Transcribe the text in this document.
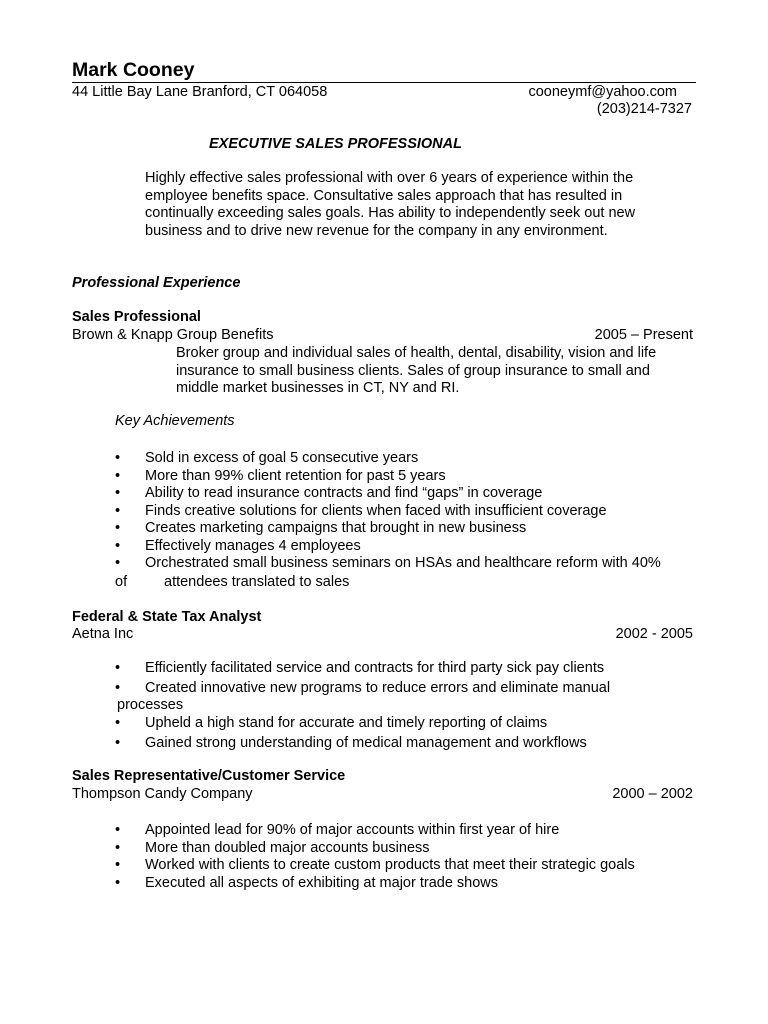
Mark Cooney
44 Little Bay Lane Branford, CT 064058	cooneymf@yahoo.com
(203)214-7327
EXECUTIVE SALES PROFESSIONAL
Highly effective sales professional with over 6 years of experience within the employee benefits space. Consultative sales approach that has resulted in continually exceeding sales goals. Has ability to independently seek out new business and to drive new revenue for the company in any environment.
Professional Experience
Sales Professional
Brown & Knapp Group Benefits	2005 – Present
Broker group and individual sales of health, dental, disability, vision and life insurance to small business clients. Sales of group insurance to small and middle market businesses in CT, NY and RI.
Key Achievements
• Sold in excess of goal 5 consecutive years
• More than 99% client retention for past 5 years
• Ability to read insurance contracts and find “gaps” in coverage
• Finds creative solutions for clients when faced with insufficient coverage
• Creates marketing campaigns that brought in new business
• Effectively manages 4 employees
• Orchestrated small business seminars on HSAs and healthcare reform with 40%
of	attendees translated to sales
Federal & State Tax Analyst
Aetna Inc	2002 - 2005
• Efficiently facilitated service and contracts for third party sick pay clients
• Created innovative new programs to reduce errors and eliminate manual
processes
• Upheld a high stand for accurate and timely reporting of claims
• Gained strong understanding of medical management and workflows
Sales Representative/Customer Service
Thompson Candy Company	2000 – 2002
• Appointed lead for 90% of major accounts within first year of hire
• More than doubled major accounts business
• Worked with clients to create custom products that meet their strategic goals
• Executed all aspects of exhibiting at major trade shows
